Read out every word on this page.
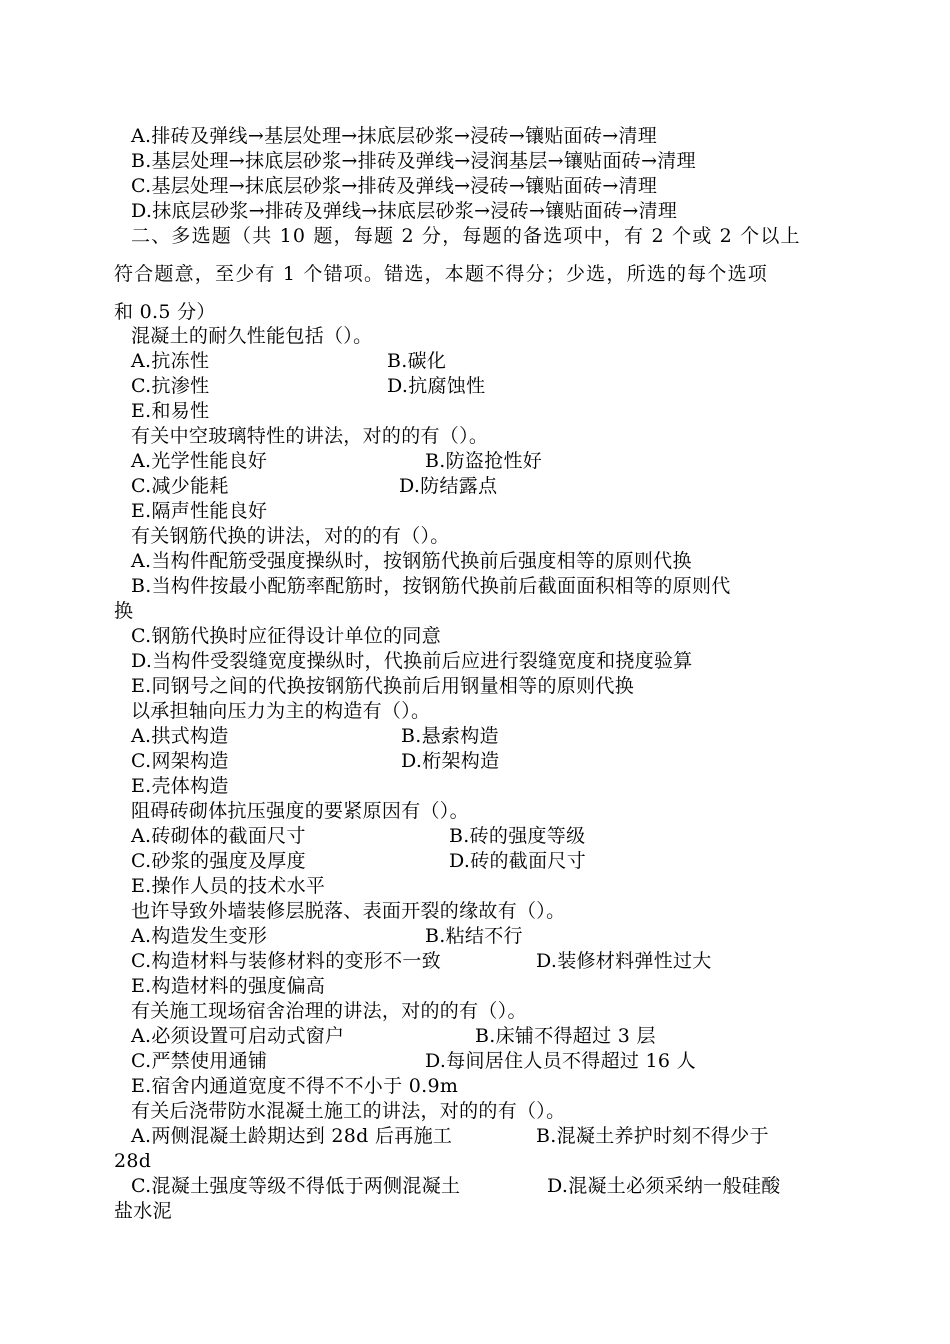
A.排砖及弹线→基层处理→抹底层砂浆→浸砖→镶贴面砖→清理
B.基层处理→抹底层砂浆→排砖及弹线→浸润基层→镶贴面砖→清理
C.基层处理→抹底层砂浆→排砖及弹线→浸砖→镶贴面砖→清理
D.抹底层砂浆→排砖及弹线→抹底层砂浆→浸砖→镶贴面砖→清理
二、多选题（共 10 题，每题 2 分，每题的备选项中，有 2 个或 2 个以上
符合题意，至少有 1 个错项。错选，本题不得分；少选，所选的每个选项
和 0.5 分）
混凝土的耐久性能包括（）。
A.抗冻性	B.碳化
C.抗渗性	D.抗腐蚀性
E.和易性
有关中空玻璃特性的讲法，对的的有（）。
A.光学性能良好	B.防盗抢性好
C.减少能耗	D.防结露点
E.隔声性能良好
有关钢筋代换的讲法，对的的有（）。
A.当构件配筋受强度操纵时，按钢筋代换前后强度相等的原则代换
B.当构件按最小配筋率配筋时，按钢筋代换前后截面面积相等的原则代
换
C.钢筋代换时应征得设计单位的同意
D.当构件受裂缝宽度操纵时，代换前后应进行裂缝宽度和挠度验算
E.同钢号之间的代换按钢筋代换前后用钢量相等的原则代换
以承担轴向压力为主的构造有（）。
A.拱式构造	B.悬索构造
C.网架构造	D.桁架构造
E.壳体构造
阻碍砖砌体抗压强度的要紧原因有（）。
A.砖砌体的截面尺寸	B.砖的强度等级
C.砂浆的强度及厚度	D.砖的截面尺寸
E.操作人员的技术水平
也许导致外墙装修层脱落、表面开裂的缘故有（）。
A.构造发生变形	B.粘结不行
C.构造材料与装修材料的变形不一致	D.装修材料弹性过大
E.构造材料的强度偏高
有关施工现场宿舍治理的讲法，对的的有（）。
A.必须设置可启动式窗户	B.床铺不得超过 3 层
C.严禁使用通铺	D.每间居住人员不得超过 16 人
E.宿舍内通道宽度不得不不小于 0.9m
有关后浇带防水混凝土施工的讲法，对的的有（）。
A.两侧混凝土龄期达到 28d 后再施工	B.混凝土养护时刻不得少于
28d
C.混凝土强度等级不得低于两侧混凝土	D.混凝土必须采纳一般硅酸
盐水泥
